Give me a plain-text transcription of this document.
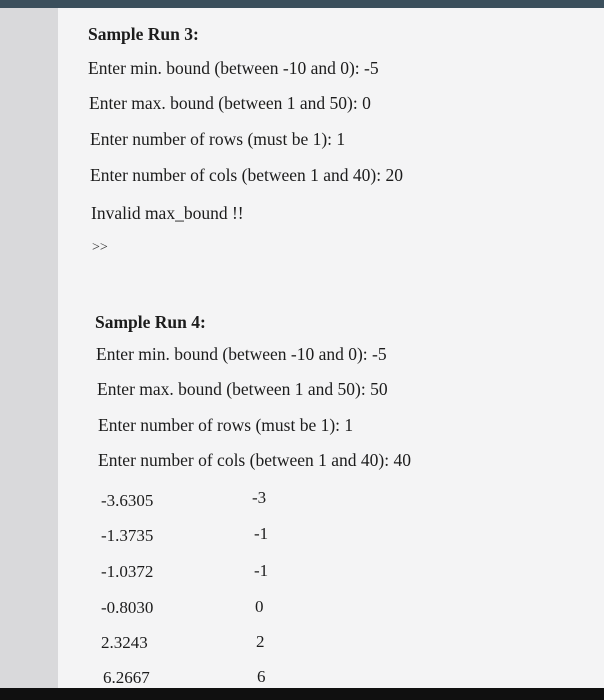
Sample Run 3:
Enter min. bound (between -10 and 0): -5
Enter max. bound (between 1 and 50): 0
Enter number of rows (must be 1): 1
Enter number of cols (between 1 and 40): 20
Invalid max_bound !!
>>
Sample Run 4:
Enter min. bound (between -10 and 0): -5
Enter max. bound (between 1 and 50): 50
Enter number of rows (must be 1): 1
Enter number of cols (between 1 and 40): 40
-3.6305	-3
-1.3735	-1
-1.0372	-1
-0.8030	0
2.3243	2
6.2667	6
